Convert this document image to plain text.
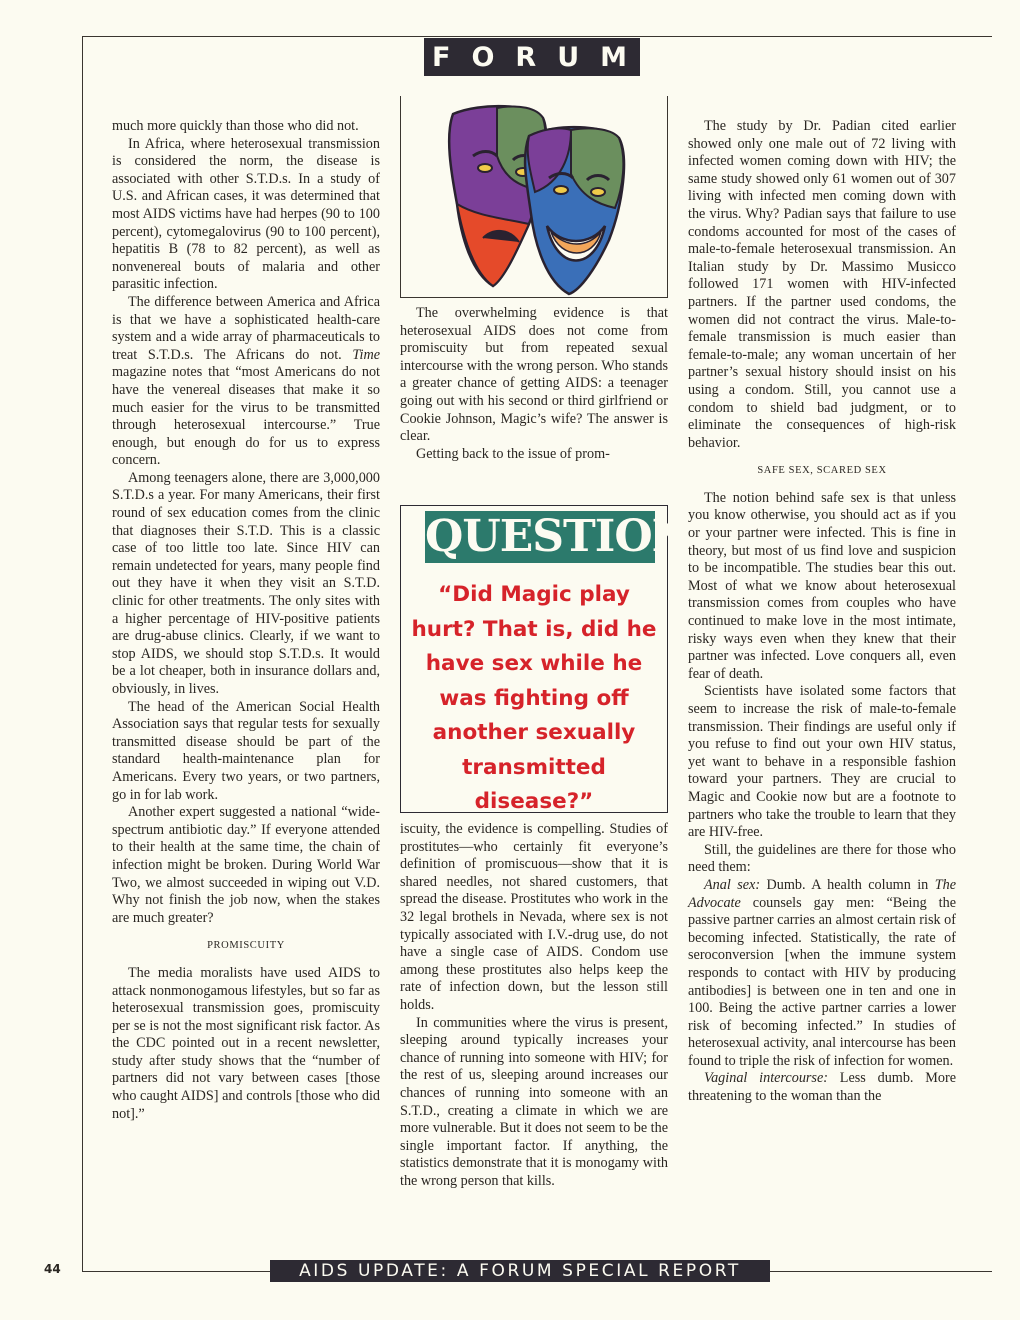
FORUM

much more quickly than those who did not.

In Africa, where heterosexual transmission is considered the norm, the disease is associated with other S.T.D.s. In a study of U.S. and African cases, it was determined that most AIDS victims have had herpes (90 to 100 percent), cytomegalovirus (90 to 100 percent), hepatitis B (78 to 82 percent), as well as nonvenereal bouts of malaria and other parasitic infection.

The difference between America and Africa is that we have a sophisticated health-care system and a wide array of pharmaceuticals to treat S.T.D.s. The Africans do not. Time magazine notes that “most Americans do not have the venereal diseases that make it so much easier for the virus to be transmitted through heterosexual intercourse.” True enough, but enough do for us to express concern.

Among teenagers alone, there are 3,000,000 S.T.D.s a year. For many Americans, their first round of sex education comes from the clinic that diagnoses their S.T.D. This is a classic case of too little too late. Since HIV can remain undetected for years, many people find out they have it when they visit an S.T.D. clinic for other treatments. The only sites with a higher percentage of HIV-positive patients are drug-abuse clinics. Clearly, if we want to stop AIDS, we should stop S.T.D.s. It would be a lot cheaper, both in insurance dollars and, obviously, in lives.

The head of the American Social Health Association says that regular tests for sexually transmitted disease should be part of the standard health-maintenance plan for Americans. Every two years, or two partners, go in for lab work.

Another expert suggested a national “wide-spectrum antibiotic day.” If everyone attended to their health at the same time, the chain of infection might be broken. During World War Two, we almost succeeded in wiping out V.D. Why not finish the job now, when the stakes are much greater?

PROMISCUITY

The media moralists have used AIDS to attack nonmonogamous lifestyles, but so far as heterosexual transmission goes, promiscuity per se is not the most significant risk factor. As the CDC pointed out in a recent newsletter, study after study shows that the “number of partners did not vary between cases [those who caught AIDS] and controls [those who did not].”

The overwhelming evidence is that heterosexual AIDS does not come from promiscuity but from repeated sexual intercourse with the wrong person. Who stands a greater chance of getting AIDS: a teenager going out with his second or third girlfriend or Cookie Johnson, Magic’s wife? The answer is clear.

Getting back to the issue of prom-

QUESTION:
“Did Magic play hurt? That is, did he have sex while he was fighting off another sexually transmitted disease?”

iscuity, the evidence is compelling. Studies of prostitutes—who certainly fit everyone’s definition of promiscuous—show that it is shared needles, not shared customers, that spread the disease. Prostitutes who work in the 32 legal brothels in Nevada, where sex is not typically associated with I.V.-drug use, do not have a single case of AIDS. Condom use among these prostitutes also helps keep the rate of infection down, but the lesson still holds.

In communities where the virus is present, sleeping around typically increases your chance of running into someone with HIV; for the rest of us, sleeping around increases our chances of running into someone with an S.T.D., creating a climate in which we are more vulnerable. But it does not seem to be the single important factor. If anything, the statistics demonstrate that it is monogamy with the wrong person that kills.

The study by Dr. Padian cited earlier showed only one male out of 72 living with infected women coming down with HIV; the same study showed only 61 women out of 307 living with infected men coming down with the virus. Why? Padian says that failure to use condoms accounted for most of the cases of male-to-female heterosexual transmission. An Italian study by Dr. Massimo Musicco followed 171 women with HIV-infected partners. If the partner used condoms, the women did not contract the virus. Male-to-female transmission is much easier than female-to-male; any woman uncertain of her partner’s sexual history should insist on his using a condom. Still, you cannot use a condom to shield bad judgment, or to eliminate the consequences of high-risk behavior.

SAFE SEX, SCARED SEX

The notion behind safe sex is that unless you know otherwise, you should act as if you or your partner were infected. This is fine in theory, but most of us find love and suspicion to be incompatible. The studies bear this out. Most of what we know about heterosexual transmission comes from couples who have continued to make love in the most intimate, risky ways even when they knew that their partner was infected. Love conquers all, even fear of death.

Scientists have isolated some factors that seem to increase the risk of male-to-female transmission. Their findings are useful only if you refuse to find out your own HIV status, yet want to behave in a responsible fashion toward your partners. They are crucial to Magic and Cookie now but are a footnote to partners who take the trouble to learn that they are HIV-free.

Still, the guidelines are there for those who need them:

Anal sex: Dumb. A health column in The Advocate counsels gay men: “Being the passive partner carries an almost certain risk of becoming infected. Statistically, the rate of seroconversion [when the immune system responds to contact with HIV by producing antibodies] is between one in ten and one in 100. Being the active partner carries a lower risk of becoming infected.” In studies of heterosexual activity, anal intercourse has been found to triple the risk of infection for women.

Vaginal intercourse: Less dumb. More threatening to the woman than the

44	AIDS UPDATE: A FORUM SPECIAL REPORT
